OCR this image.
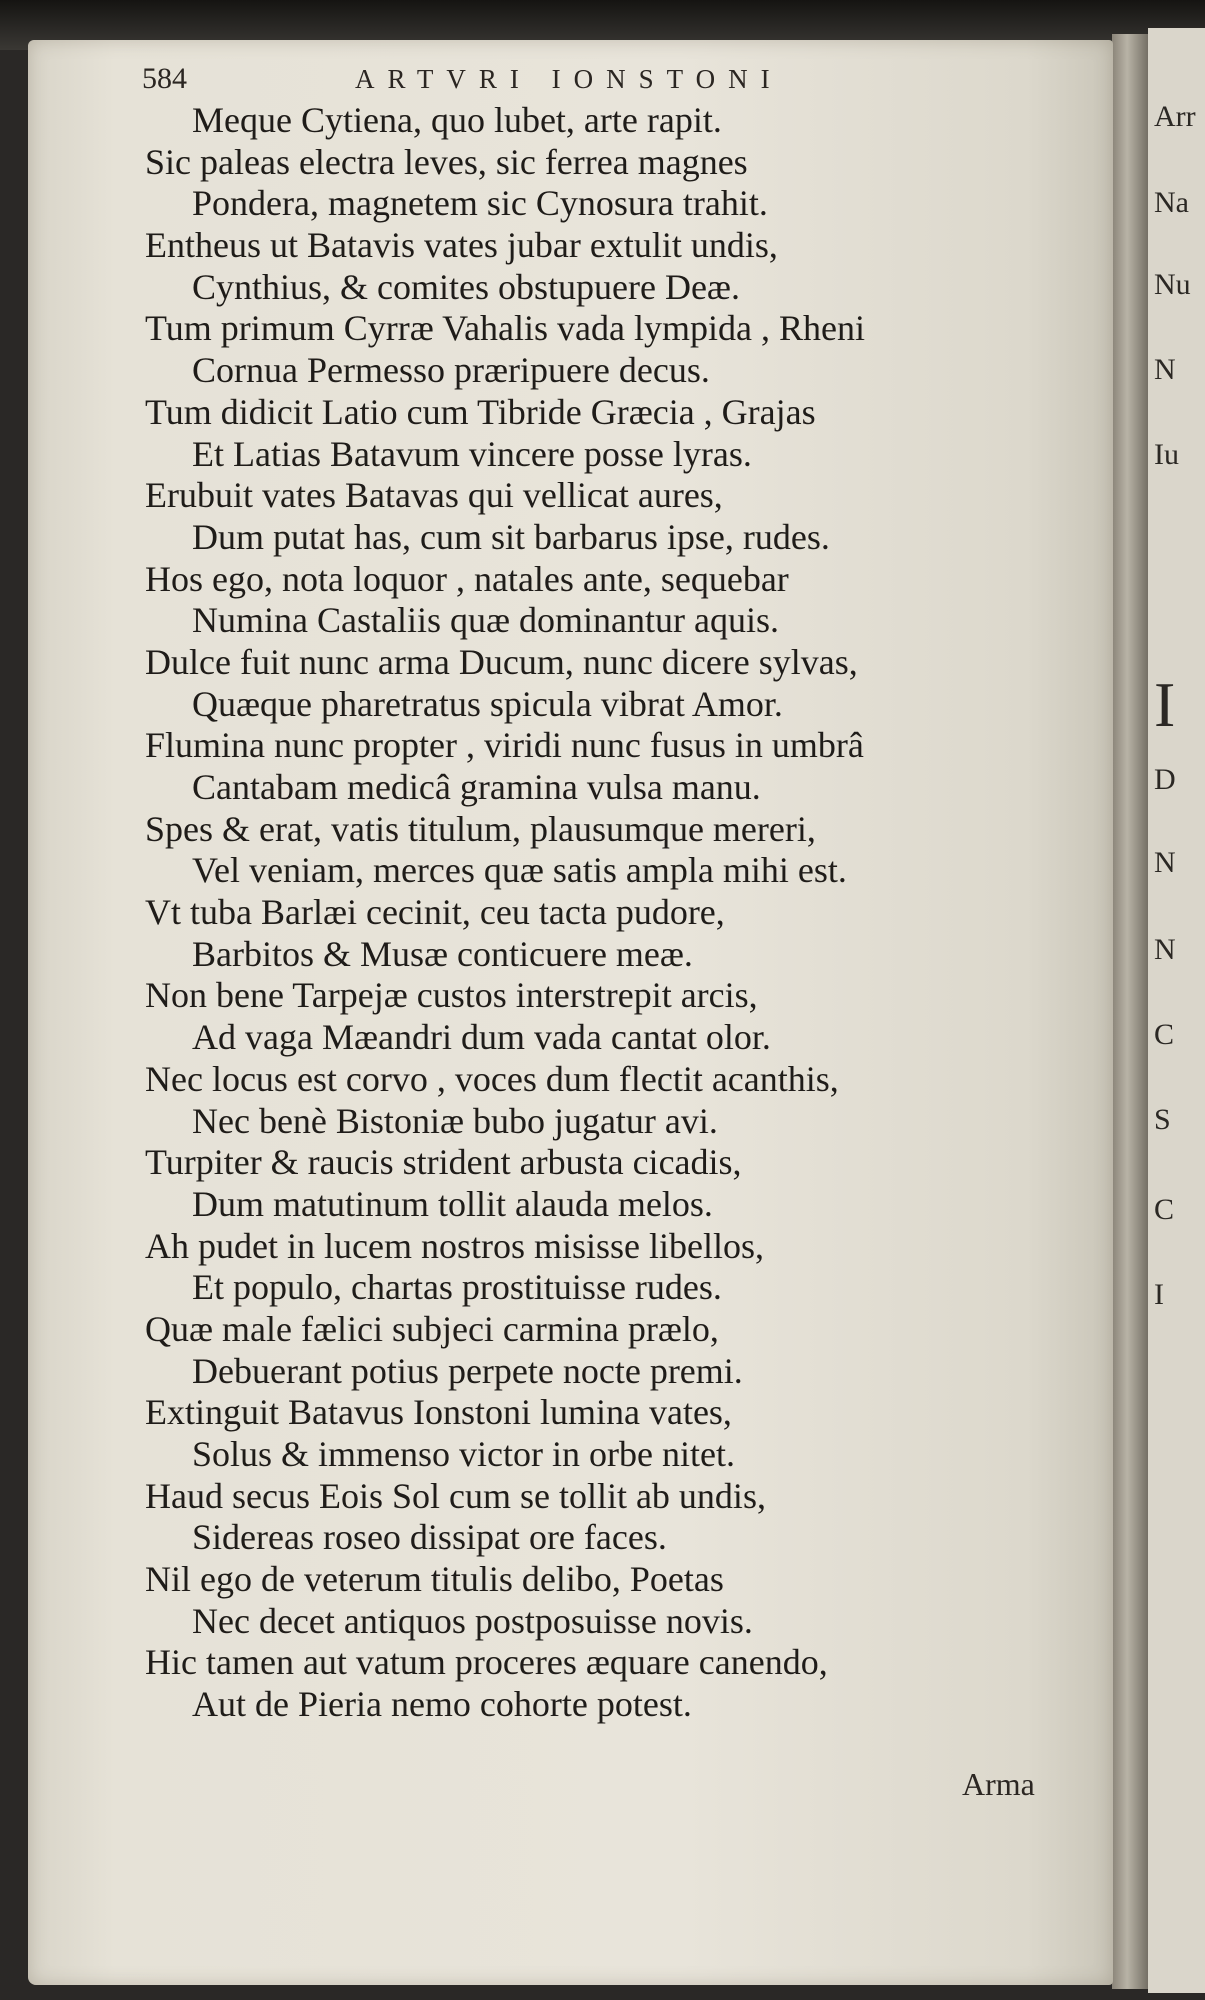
Arr
Na
Nu
N
Iu
I
D
N
N
C
S
C
I
584	ARTVRI IONSTONI
Meque Cytiena, quo lubet, arte rapit.
Sic paleas electra leves, sic ferrea magnes
Pondera, magnetem sic Cynosura trahit.
Entheus ut Batavis vates jubar extulit undis,
Cynthius, & comites obstupuere Deæ.
Tum primum Cyrræ Vahalis vada lympida , Rheni
Cornua Permesso præripuere decus.
Tum didicit Latio cum Tibride Græcia , Grajas
Et Latias Batavum vincere posse lyras.
Erubuit vates Batavas qui vellicat aures,
Dum putat has, cum sit barbarus ipse, rudes.
Hos ego, nota loquor , natales ante, sequebar
Numina Castaliis quæ dominantur aquis.
Dulce fuit nunc arma Ducum, nunc dicere sylvas,
Quæque pharetratus spicula vibrat Amor.
Flumina nunc propter , viridi nunc fusus in umbrâ
Cantabam medicâ gramina vulsa manu.
Spes & erat, vatis titulum, plausumque mereri,
Vel veniam, merces quæ satis ampla mihi est.
Vt tuba Barlæi cecinit, ceu tacta pudore,
Barbitos & Musæ conticuere meæ.
Non bene Tarpejæ custos interstrepit arcis,
Ad vaga Mæandri dum vada cantat olor.
Nec locus est corvo , voces dum flectit acanthis,
Nec benè Bistoniæ bubo jugatur avi.
Turpiter & raucis strident arbusta cicadis,
Dum matutinum tollit alauda melos.
Ah pudet in lucem nostros misisse libellos,
Et populo, chartas prostituisse rudes.
Quæ male fælici subjeci carmina prælo,
Debuerant potius perpete nocte premi.
Extinguit Batavus Ionstoni lumina vates,
Solus & immenso victor in orbe nitet.
Haud secus Eois Sol cum se tollit ab undis,
Sidereas roseo dissipat ore faces.
Nil ego de veterum titulis delibo, Poetas
Nec decet antiquos postposuisse novis.
Hic tamen aut vatum proceres æquare canendo,
Aut de Pieria nemo cohorte potest.
Arma
